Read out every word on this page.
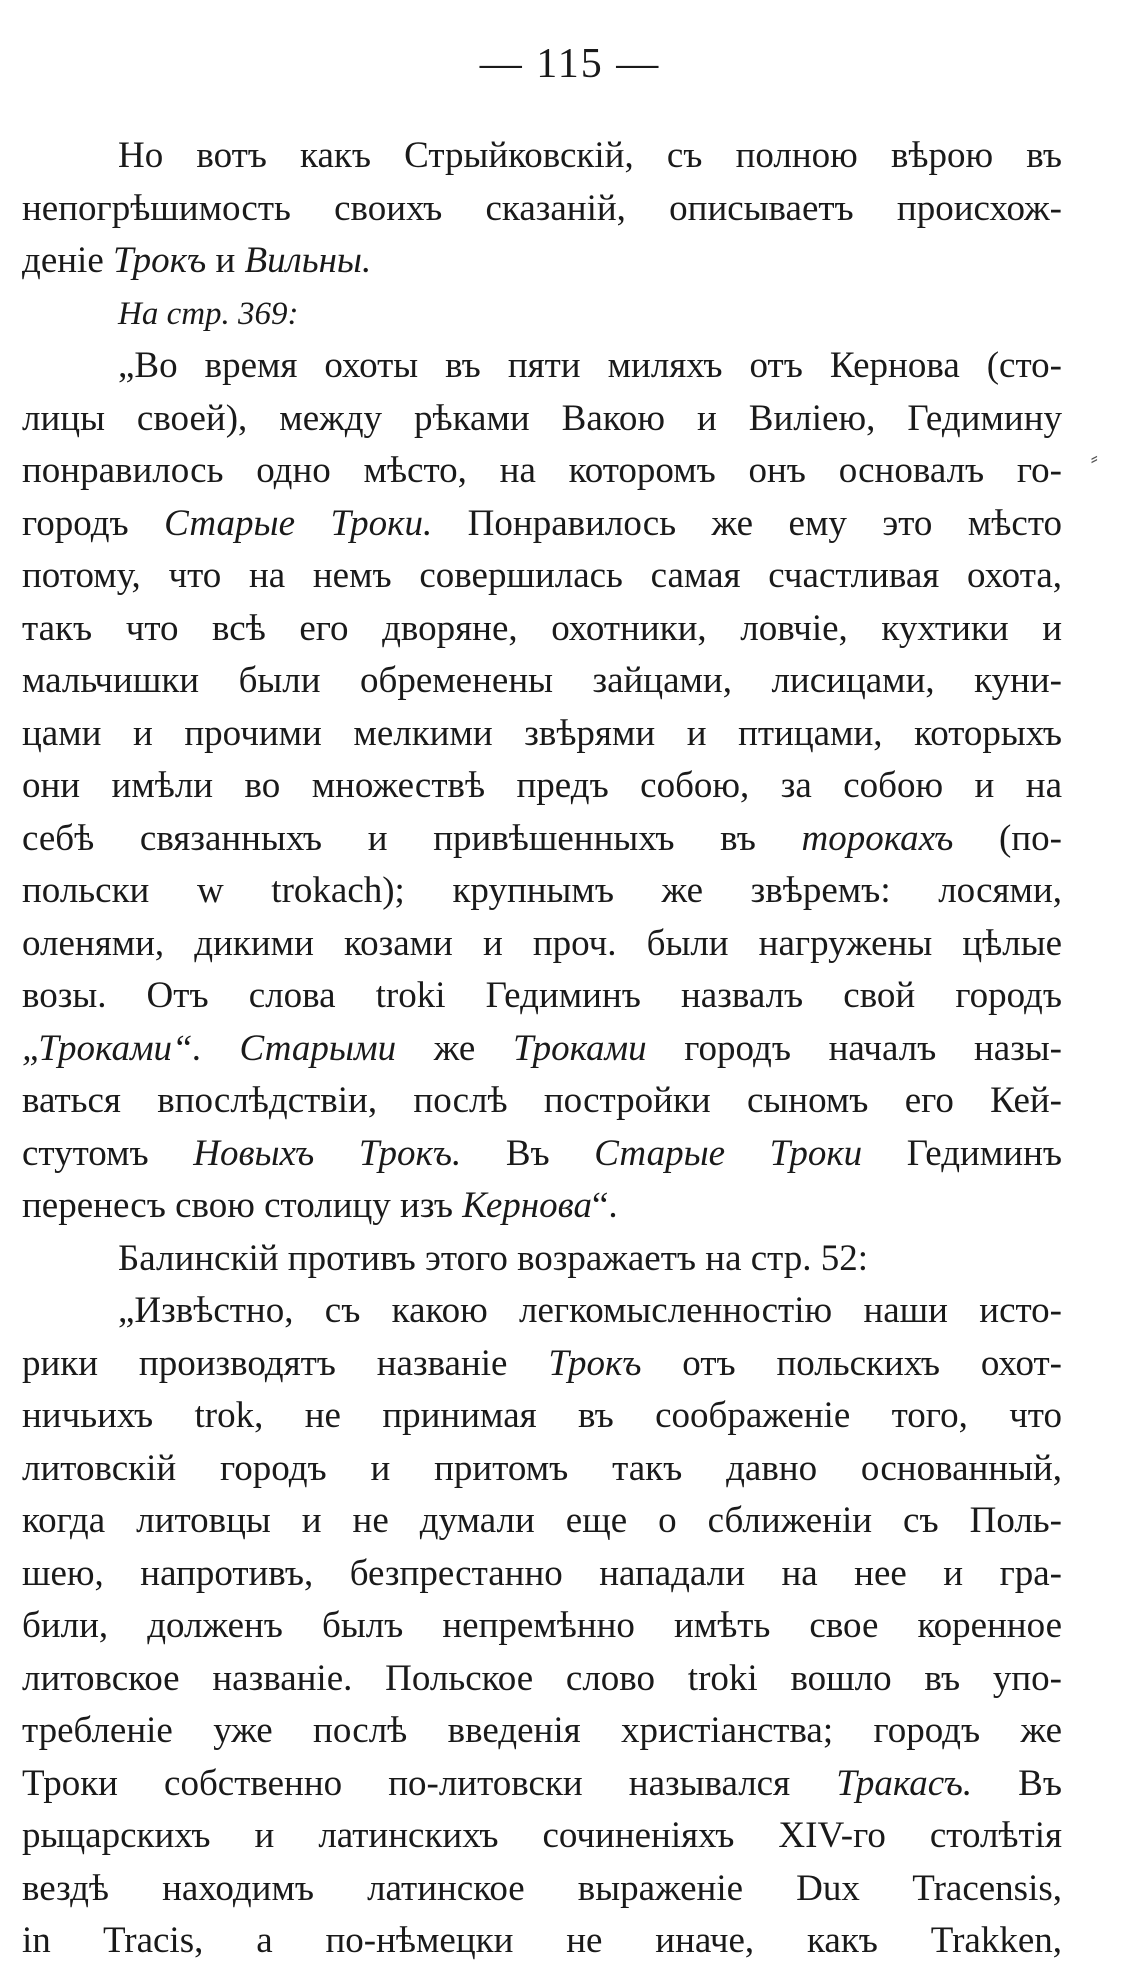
— 115 —
⸗
Но вотъ какъ Стрыйковскій, съ полною вѣрою въ
непогрѣшимость своихъ сказаній, описываетъ происхож-
деніе Трокъ и Вильны.
На стр. 369:
„Во время охоты въ пяти миляхъ отъ Кернова (сто-
лицы своей), между рѣками Вакою и Виліею, Гедимину
понравилось одно мѣсто, на которомъ онъ основалъ го-
городъ Старые Троки. Понравилось же ему это мѣсто
потому, что на немъ совершилась самая счастливая охота,
такъ что всѣ его дворяне, охотники, ловчіе, кухтики и
мальчишки были обременены зайцами, лисицами, куни-
цами и прочими мелкими звѣрями и птицами, которыхъ
они имѣли во множествѣ предъ собою, за собою и на
себѣ связанныхъ и привѣшенныхъ въ торокахъ (по-
польски w trokach); крупнымъ же звѣремъ: лосями,
оленями, дикими козами и проч. были нагружены цѣлые
возы. Отъ слова troki Гедиминъ назвалъ свой городъ
„Троками“. Старыми же Троками городъ началъ назы-
ваться впослѣдствіи, послѣ постройки сыномъ его Кей-
стутомъ Новыхъ Трокъ. Въ Старые Троки Гедиминъ
перенесъ свою столицу изъ Кернова“.
Балинскій противъ этого возражаетъ на стр. 52:
„Извѣстно, съ какою легкомысленностію наши исто-
рики производятъ названіе Трокъ отъ польскихъ охот-
ничьихъ trok, не принимая въ соображеніе того, что
литовскій городъ и притомъ такъ давно основанный,
когда литовцы и не думали еще о сближеніи съ Поль-
шею, напротивъ, безпрестанно нападали на нее и гра-
били, долженъ былъ непремѣнно имѣть свое коренное
литовское названіе. Польское слово troki вошло въ упо-
требленіе уже послѣ введенія христіанства; городъ же
Троки собственно по-литовски назывался Тракасъ. Въ
рыцарскихъ и латинскихъ сочиненіяхъ XIV-го столѣтія
вездѣ находимъ латинское выраженіе Dux Tracensis,
in Tracis, а по-нѣмецки не иначе, какъ Trakken,
